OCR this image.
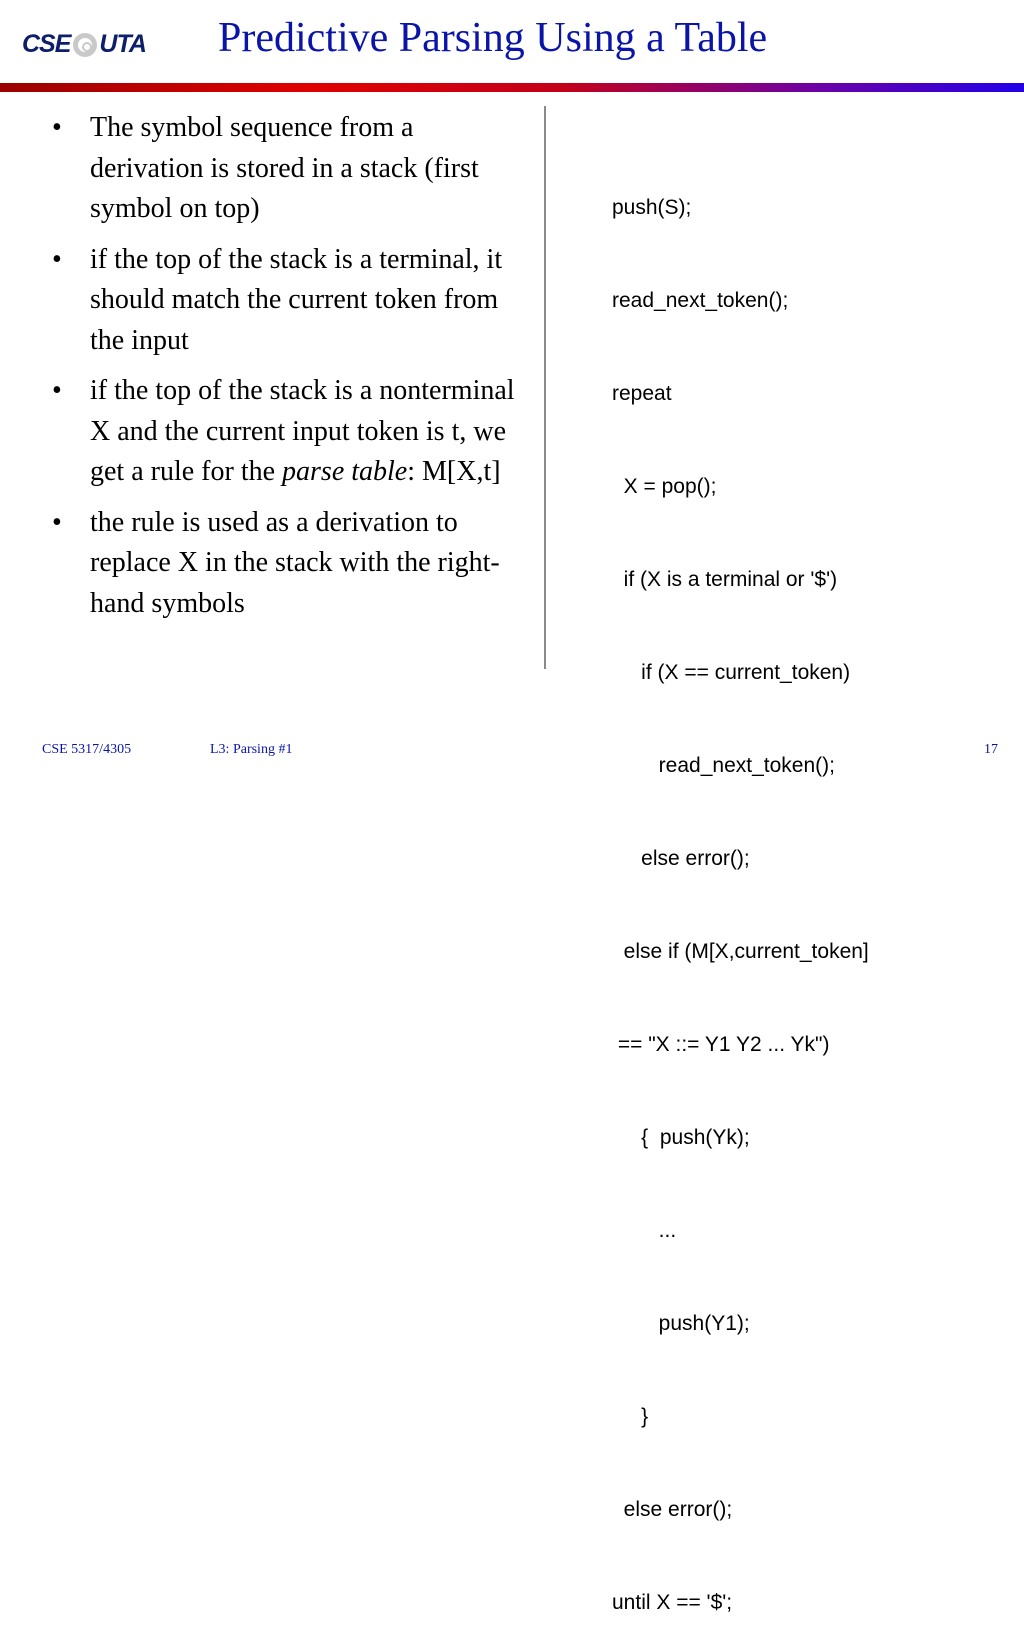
CSE UTA Predictive Parsing Using a Table
• The symbol sequence from a derivation is stored in a stack (first symbol on top)
• if the top of the stack is a terminal, it should match the current token from the input
• if the top of the stack is a nonterminal X and the current input token is t, we get a rule for the parse table: M[X,t]
• the rule is used as a derivation to replace X in the stack with the right-hand symbols

push(S);

read_next_token();

repeat

X = pop();

if (X is a terminal or '$')

if (X == current_token)

read_next_token();

else error();

else if (M[X,current_token]

== "X ::= Y1 Y2 ... Yk")

{  push(Yk);

...

push(Y1);

}

else error();

until X == '$';

CSE 5317/4305	L3: Parsing #1	17
